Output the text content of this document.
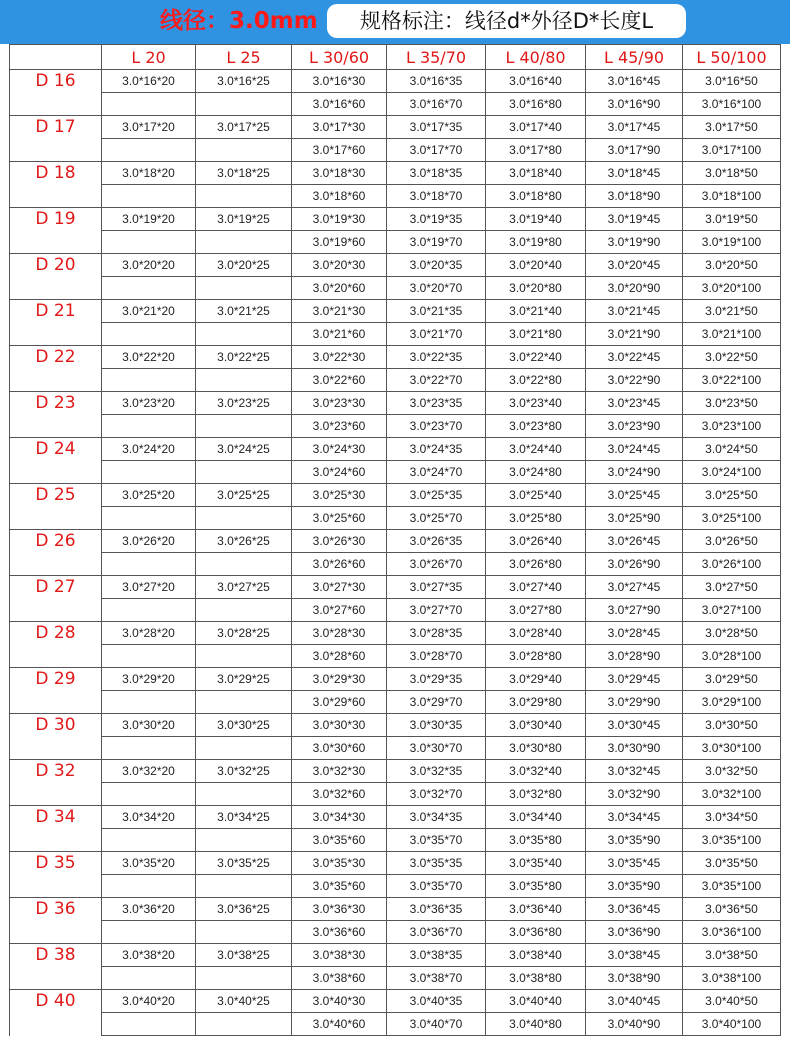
线径：3.0mm	规格标注：线径d*外径D*长度L
	L 20	L 25	L 30/60	L 35/70	L 40/80	L 45/90	L 50/100
D 16	3.0*16*20	3.0*16*25	3.0*16*30	3.0*16*35	3.0*16*40	3.0*16*45	3.0*16*50
			3.0*16*60	3.0*16*70	3.0*16*80	3.0*16*90	3.0*16*100
D 17	3.0*17*20	3.0*17*25	3.0*17*30	3.0*17*35	3.0*17*40	3.0*17*45	3.0*17*50
			3.0*17*60	3.0*17*70	3.0*17*80	3.0*17*90	3.0*17*100
D 18	3.0*18*20	3.0*18*25	3.0*18*30	3.0*18*35	3.0*18*40	3.0*18*45	3.0*18*50
			3.0*18*60	3.0*18*70	3.0*18*80	3.0*18*90	3.0*18*100
D 19	3.0*19*20	3.0*19*25	3.0*19*30	3.0*19*35	3.0*19*40	3.0*19*45	3.0*19*50
			3.0*19*60	3.0*19*70	3.0*19*80	3.0*19*90	3.0*19*100
D 20	3.0*20*20	3.0*20*25	3.0*20*30	3.0*20*35	3.0*20*40	3.0*20*45	3.0*20*50
			3.0*20*60	3.0*20*70	3.0*20*80	3.0*20*90	3.0*20*100
D 21	3.0*21*20	3.0*21*25	3.0*21*30	3.0*21*35	3.0*21*40	3.0*21*45	3.0*21*50
			3.0*21*60	3.0*21*70	3.0*21*80	3.0*21*90	3.0*21*100
D 22	3.0*22*20	3.0*22*25	3.0*22*30	3.0*22*35	3.0*22*40	3.0*22*45	3.0*22*50
			3.0*22*60	3.0*22*70	3.0*22*80	3.0*22*90	3.0*22*100
D 23	3.0*23*20	3.0*23*25	3.0*23*30	3.0*23*35	3.0*23*40	3.0*23*45	3.0*23*50
			3.0*23*60	3.0*23*70	3.0*23*80	3.0*23*90	3.0*23*100
D 24	3.0*24*20	3.0*24*25	3.0*24*30	3.0*24*35	3.0*24*40	3.0*24*45	3.0*24*50
			3.0*24*60	3.0*24*70	3.0*24*80	3.0*24*90	3.0*24*100
D 25	3.0*25*20	3.0*25*25	3.0*25*30	3.0*25*35	3.0*25*40	3.0*25*45	3.0*25*50
			3.0*25*60	3.0*25*70	3.0*25*80	3.0*25*90	3.0*25*100
D 26	3.0*26*20	3.0*26*25	3.0*26*30	3.0*26*35	3.0*26*40	3.0*26*45	3.0*26*50
			3.0*26*60	3.0*26*70	3.0*26*80	3.0*26*90	3.0*26*100
D 27	3.0*27*20	3.0*27*25	3.0*27*30	3.0*27*35	3.0*27*40	3.0*27*45	3.0*27*50
			3.0*27*60	3.0*27*70	3.0*27*80	3.0*27*90	3.0*27*100
D 28	3.0*28*20	3.0*28*25	3.0*28*30	3.0*28*35	3.0*28*40	3.0*28*45	3.0*28*50
			3.0*28*60	3.0*28*70	3.0*28*80	3.0*28*90	3.0*28*100
D 29	3.0*29*20	3.0*29*25	3.0*29*30	3.0*29*35	3.0*29*40	3.0*29*45	3.0*29*50
			3.0*29*60	3.0*29*70	3.0*29*80	3.0*29*90	3.0*29*100
D 30	3.0*30*20	3.0*30*25	3.0*30*30	3.0*30*35	3.0*30*40	3.0*30*45	3.0*30*50
			3.0*30*60	3.0*30*70	3.0*30*80	3.0*30*90	3.0*30*100
D 32	3.0*32*20	3.0*32*25	3.0*32*30	3.0*32*35	3.0*32*40	3.0*32*45	3.0*32*50
			3.0*32*60	3.0*32*70	3.0*32*80	3.0*32*90	3.0*32*100
D 34	3.0*34*20	3.0*34*25	3.0*34*30	3.0*34*35	3.0*34*40	3.0*34*45	3.0*34*50
			3.0*35*60	3.0*35*70	3.0*35*80	3.0*35*90	3.0*35*100
D 35	3.0*35*20	3.0*35*25	3.0*35*30	3.0*35*35	3.0*35*40	3.0*35*45	3.0*35*50
			3.0*35*60	3.0*35*70	3.0*35*80	3.0*35*90	3.0*35*100
D 36	3.0*36*20	3.0*36*25	3.0*36*30	3.0*36*35	3.0*36*40	3.0*36*45	3.0*36*50
			3.0*36*60	3.0*36*70	3.0*36*80	3.0*36*90	3.0*36*100
D 38	3.0*38*20	3.0*38*25	3.0*38*30	3.0*38*35	3.0*38*40	3.0*38*45	3.0*38*50
			3.0*38*60	3.0*38*70	3.0*38*80	3.0*38*90	3.0*38*100
D 40	3.0*40*20	3.0*40*25	3.0*40*30	3.0*40*35	3.0*40*40	3.0*40*45	3.0*40*50
			3.0*40*60	3.0*40*70	3.0*40*80	3.0*40*90	3.0*40*100
